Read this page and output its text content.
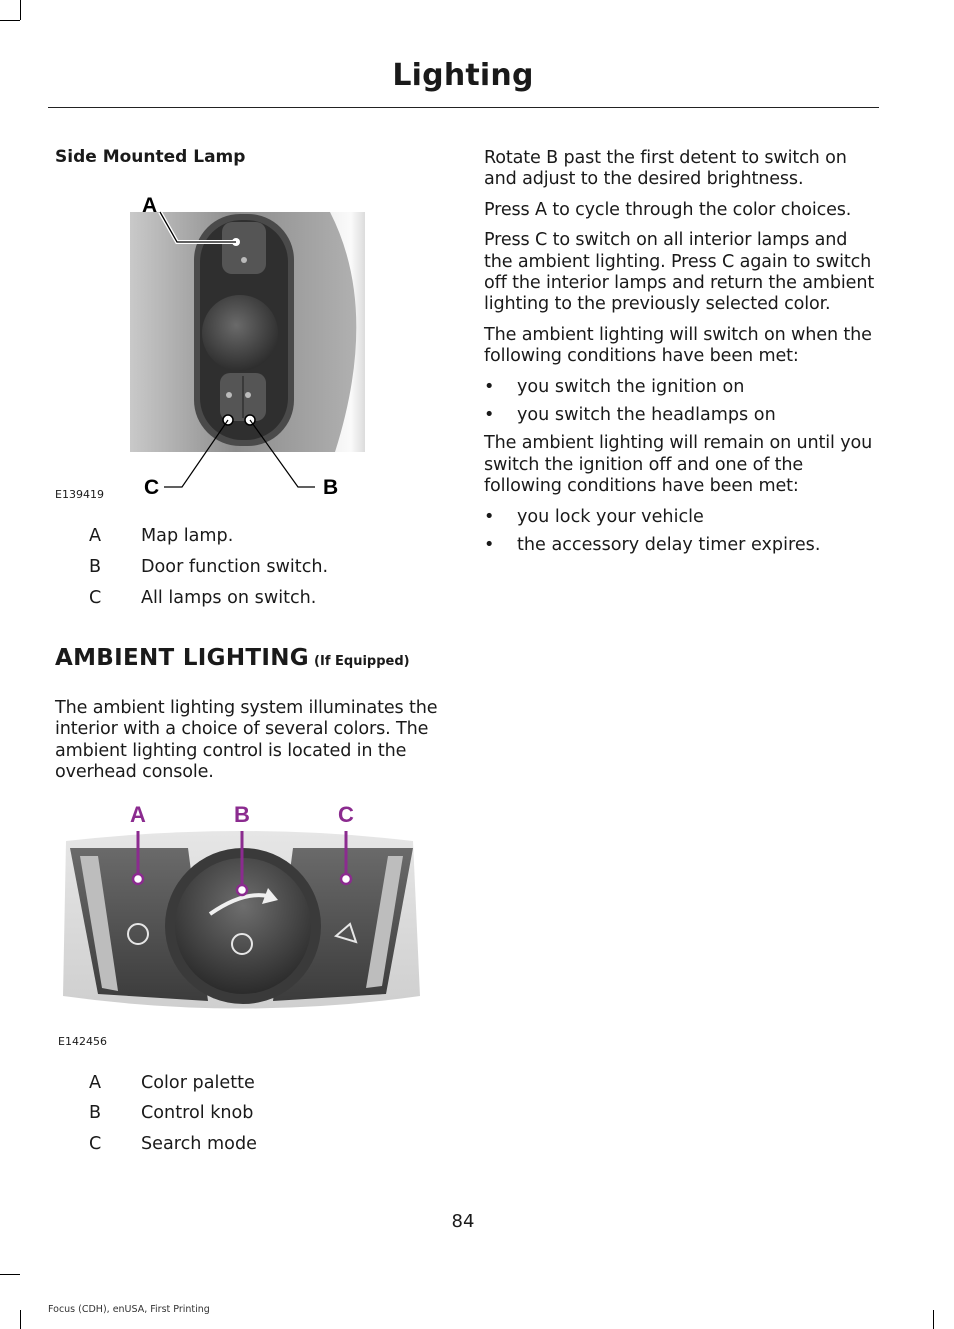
Lighting
Side Mounted Lamp
A
C	B
E139419
A Map lamp.
B Door function switch.
C All lamps on switch.
AMBIENT LIGHTING (If Equipped)

The ambient lighting system illuminates the interior with a choice of several colors. The ambient lighting control is located in the overhead console.

A	B	C
E142456
A Color palette
B Control knob
C Search mode

Rotate B past the first detent to switch on and adjust to the desired brightness.

Press A to cycle through the color choices.

Press C to switch on all interior lamps and the ambient lighting. Press C again to switch off the interior lamps and return the ambient lighting to the previously selected color.

The ambient lighting will switch on when the following conditions have been met:

• you switch the ignition on
• you switch the headlamps on

The ambient lighting will remain on until you switch the ignition off and one of the following conditions have been met:

• you lock your vehicle
• the accessory delay timer expires.
84
Focus (CDH), enUSA, First Printing
